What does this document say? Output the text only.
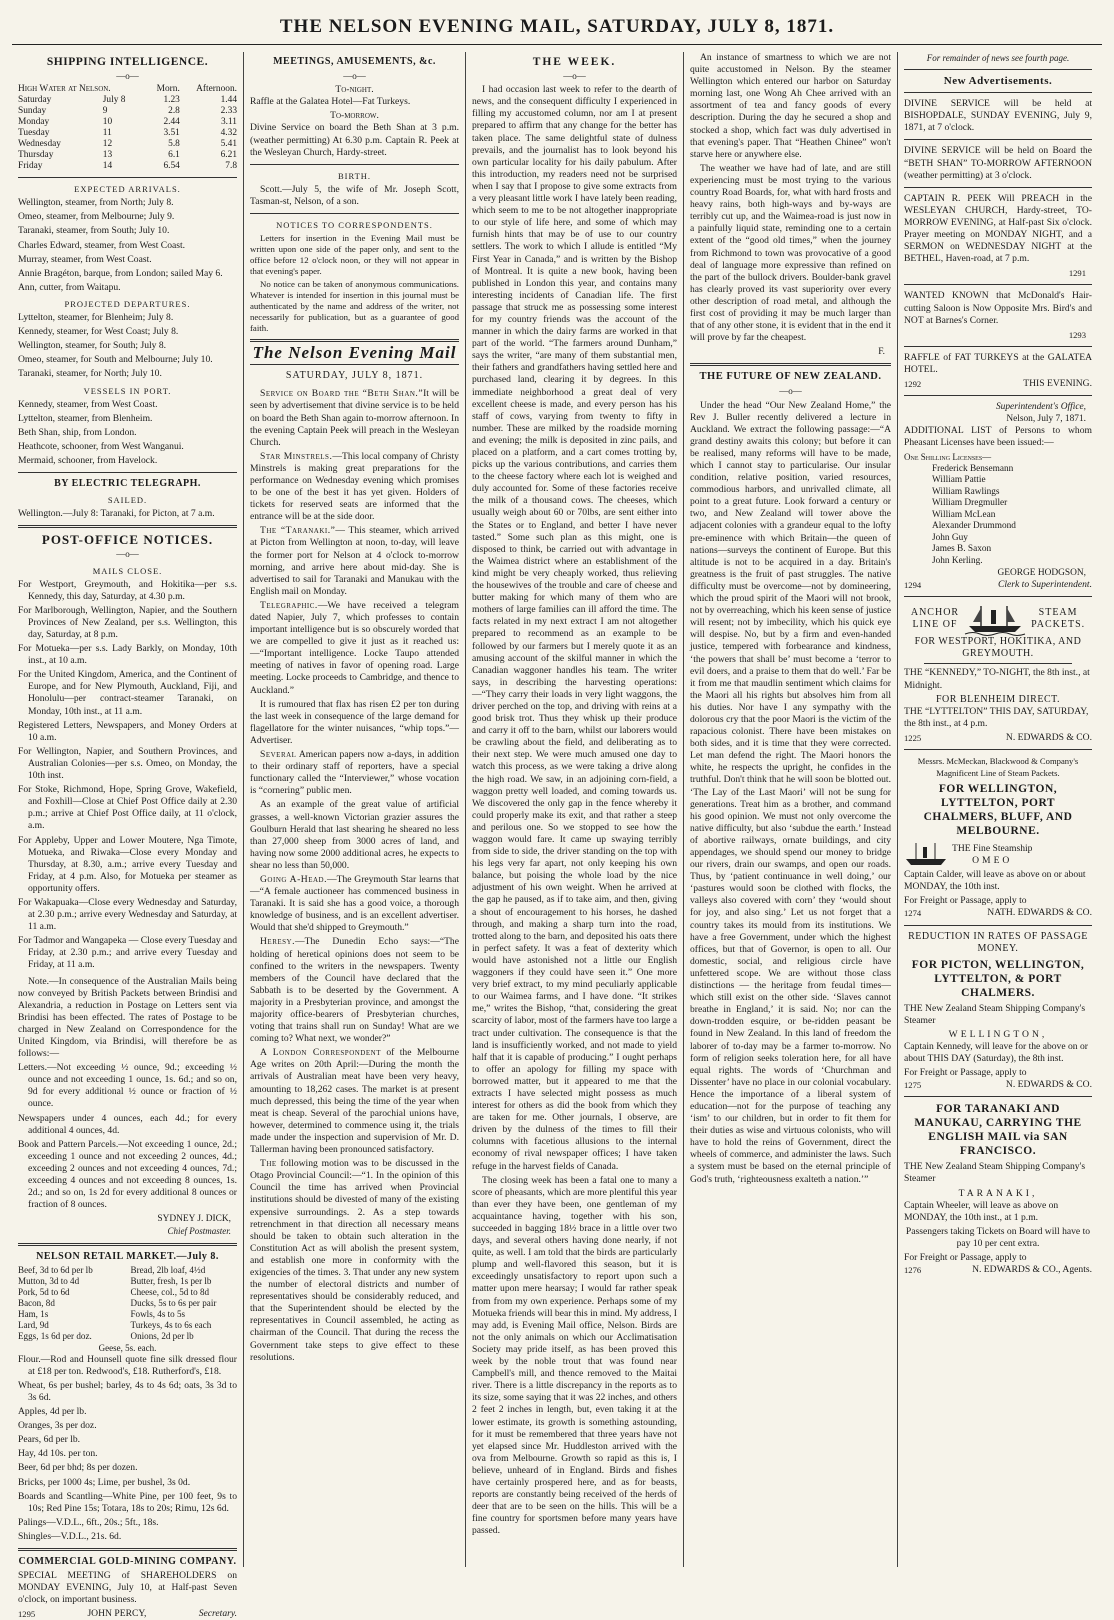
THE NELSON EVENING MAIL, SATURDAY, JULY 8, 1871.
SHIPPING INTELLIGENCE.
―o―
High Water at Nelson.		Morn.	Afternoon.
Saturday	July 8	1.23	1.44
Sunday	9	2.8	2.33
Monday	10	2.44	3.11
Tuesday	11	3.51	4.32
Wednesday	12	5.8	5.41
Thursday	13	6.1	6.21
Friday	14	6.54	7.8
EXPECTED ARRIVALS.
Wellington, steamer, from North; July 8.
Omeo, steamer, from Melbourne; July 9.
Taranaki, steamer, from South; July 10.
Charles Edward, steamer, from West Coast.
Murray, steamer, from West Coast.
Annie Bragéton, barque, from London; sailed May 6.
Ann, cutter, from Waitapu.
PROJECTED DEPARTURES.
Lyttelton, steamer, for Blenheim; July 8.
Kennedy, steamer, for West Coast; July 8.
Wellington, steamer, for South; July 8.
Omeo, steamer, for South and Melbourne; July 10.
Taranaki, steamer, for North; July 10.
VESSELS IN PORT.
Kennedy, steamer, from West Coast.
Lyttelton, steamer, from Blenheim.
Beth Shan, ship, from London.
Heathcote, schooner, from West Wanganui.
Mermaid, schooner, from Havelock.
BY ELECTRIC TELEGRAPH.
SAILED.

Wellington.—July 8: Taranaki, for Picton, at 7 a.m.

POST-OFFICE NOTICES.
―o―
MAILS CLOSE.
For Westport, Greymouth, and Hokitika—per s.s. Kennedy, this day, Saturday, at 4.30 p.m.
For Marlborough, Wellington, Napier, and the Southern Provinces of New Zealand, per s.s. Wellington, this day, Saturday, at 8 p.m.
For Motueka—per s.s. Lady Barkly, on Monday, 10th inst., at 10 a.m.
For the United Kingdom, America, and the Continent of Europe, and for New Plymouth, Auckland, Fiji, and Honolulu—per contract-steamer Taranaki, on Monday, 10th inst., at 11 a.m.
Registered Letters, Newspapers, and Money Orders at 10 a.m.
For Wellington, Napier, and Southern Provinces, and Australian Colonies—per s.s. Omeo, on Monday, the 10th inst.
For Stoke, Richmond, Hope, Spring Grove, Wakefield, and Foxhill—Close at Chief Post Office daily at 2.30 p.m.; arrive at Chief Post Office daily, at 11 o'clock, a.m.
For Appleby, Upper and Lower Moutere, Nga Timote, Motueka, and Riwaka—Close every Monday and Thursday, at 8.30, a.m.; arrive every Tuesday and Friday, at 4 p.m. Also, for Motueka per steamer as opportunity offers.
For Wakapuaka—Close every Wednesday and Saturday, at 2.30 p.m.; arrive every Wednesday and Saturday, at 11 a.m.
For Tadmor and Wangapeka — Close every Tuesday and Friday, at 2.30 p.m.; and arrive every Tuesday and Friday, at 11 a.m.

Note.—In consequence of the Australian Mails being now conveyed by British Packets between Brindisi and Alexandria, a reduction in Postage on Letters sent via Brindisi has been effected. The rates of Postage to be charged in New Zealand on Correspondence for the United Kingdom, via Brindisi, will therefore be as follows:—

Letters.—Not exceeding ½ ounce, 9d.; exceeding ½ ounce and not exceeding 1 ounce, 1s. 6d.; and so on, 9d for every additional ½ ounce or fraction of ½ ounce.
Newspapers under 4 ounces, each 4d.; for every additional 4 ounces, 4d.
Book and Pattern Parcels.—Not exceeding 1 ounce, 2d.; exceeding 1 ounce and not exceeding 2 ounces, 4d.; exceeding 2 ounces and not exceeding 4 ounces, 7d.; exceeding 4 ounces and not exceeding 8 ounces, 1s. 2d.; and so on, 1s 2d for every additional 8 ounces or fraction of 8 ounces.
SYDNEY J. DICK,
Chief Postmaster.
NELSON RETAIL MARKET.—July 8.
Beef, 3d to 6d per lb
Mutton, 3d to 4d
Pork, 5d to 6d
Bacon, 8d
Ham, 1s
Lard, 9d
Eggs, 1s 6d per doz.
Bread, 2lb loaf, 4½d
Butter, fresh, 1s per lb
Cheese, col., 5d to 8d
Ducks, 5s to 6s per pair
Fowls, 4s to 5s
Turkeys, 4s to 6s each
Onions, 2d per lb
Geese, 5s. each.
Flour.—Rod and Hounsell quote fine silk dressed flour at £18 per ton. Redwood's, £18. Rutherford's, £18.
Wheat, 6s per bushel; barley, 4s to 4s 6d; oats, 3s 3d to 3s 6d.
Apples, 4d per lb.
Oranges, 3s per doz.
Pears, 6d per lb.
Hay, 4d 10s. per ton.
Beer, 6d per bhd; 8s per dozen.
Bricks, per 1000 4s; Lime, per bushel, 3s 0d.
Boards and Scantling—White Pine, per 100 feet, 9s to 10s; Red Pine 15s; Totara, 18s to 20s; Rimu, 12s 6d.
Palings—V.D.L., 6ft., 20s.; 5ft., 18s.
Shingles—V.D.L., 21s. 6d.
COMMERCIAL GOLD-MINING COMPANY.

SPECIAL MEETING of SHAREHOLDERS on MONDAY EVENING, July 10, at Half-past Seven o'clock, on important business.

1295	JOHN PERCY,	Secretary.
MEETINGS, AMUSEMENTS, &c.
―o―
To-night.

Raffle at the Galatea Hotel—Fat Turkeys.

To-morrow.

Divine Service on board the Beth Shan at 3 p.m. (weather permitting) At 6.30 p.m. Captain R. Peek at the Wesleyan Church, Hardy-street.

BIRTH.

Scott.—July 5, the wife of Mr. Joseph Scott, Tasman-st, Nelson, of a son.

NOTICES TO CORRESPONDENTS.

Letters for insertion in the Evening Mail must be written upon one side of the paper only, and sent to the office before 12 o'clock noon, or they will not appear in that evening's paper.

No notice can be taken of anonymous communications. Whatever is intended for insertion in this journal must be authenticated by the name and address of the writer, not necessarily for publication, but as a guarantee of good faith.

The Nelson Evening Mail
SATURDAY, JULY 8, 1871.

Service on Board the “Beth Shan.”It will be seen by advertisement that divine service is to be held on board the Beth Shan again to-morrow afternoon. In the evening Captain Peek will preach in the Wesleyan Church.

Star Minstrels.—This local company of Christy Minstrels is making great preparations for the performance on Wednesday evening which promises to be one of the best it has yet given. Holders of tickets for reserved seats are informed that the entrance will be at the side door.

The “Taranaki.”— This steamer, which arrived at Picton from Wellington at noon, to-day, will leave the former port for Nelson at 4 o'clock to-morrow morning, and arrive here about mid-day. She is advertised to sail for Taranaki and Manukau with the English mail on Monday.

Telegraphic.—We have received a telegram dated Napier, July 7, which professes to contain important intelligence but is so obscurely worded that we are compelled to give it just as it reached us:—“Important intelligence. Locke Taupo attended meeting of natives in favor of opening road. Large meeting. Locke proceeds to Cambridge, and thence to Auckland.”

It is rumoured that flax has risen £2 per ton during the last week in consequence of the large demand for flagellatore for the winter nuisances, “whip tops.”—Advertiser.

Several American papers now a-days, in addition to their ordinary staff of reporters, have a special functionary called the “Interviewer,” whose vocation is “cornering” public men.

As an example of the great value of artificial grasses, a well-known Victorian grazier assures the Goulburn Herald that last shearing he sheared no less than 27,000 sheep from 3000 acres of land, and having now some 2000 additional acres, he expects to shear no less than 50,000.

Going A-Head.—The Greymouth Star learns that—“A female auctioneer has commenced business in Taranaki. It is said she has a good voice, a thorough knowledge of business, and is an excellent advertiser. Would that she'd shipped to Greymouth.”

Heresy.—The Dunedin Echo says:—“The holding of heretical opinions does not seem to be confined to the writers in the newspapers. Twenty members of the Council have declared that the Sabbath is to be deserted by the Government. A majority in a Presbyterian province, and amongst the majority office-bearers of Presbyterian churches, voting that trains shall run on Sunday! What are we coming to? What next, we wonder?”

A London Correspondent of the Melbourne Age writes on 20th April:—During the month the arrivals of Australian meat have been very heavy, amounting to 18,262 cases. The market is at present much depressed, this being the time of the year when meat is cheap. Several of the parochial unions have, however, determined to commence using it, the trials made under the inspection and supervision of Mr. D. Tallerman having been pronounced satisfactory.

The following motion was to be discussed in the Otago Provincial Council:—“1. In the opinion of this Council the time has arrived when Provincial institutions should be divested of many of the existing expensive surroundings. 2. As a step towards retrenchment in that direction all necessary means should be taken to obtain such alteration in the Constitution Act as will abolish the present system, and establish one more in conformity with the exigencies of the times. 3. That under any new system the number of electoral districts and number of representatives should be considerably reduced, and that the Superintendent should be elected by the representatives in Council assembled, he acting as chairman of the Council. That during the recess the Government take steps to give effect to these resolutions.

THE WEEK.
―o―

I had occasion last week to refer to the dearth of news, and the consequent difficulty I experienced in filling my accustomed column, nor am I at present prepared to affirm that any change for the better has taken place. The same delightful state of dulness prevails, and the journalist has to look beyond his own particular locality for his daily pabulum. After this introduction, my readers need not be surprised when I say that I propose to give some extracts from a very pleasant little work I have lately been reading, which seem to me to be not altogether inappropriate to our style of life here, and some of which may furnish hints that may be of use to our country settlers. The work to which I allude is entitled “My First Year in Canada,” and is written by the Bishop of Montreal. It is quite a new book, having been published in London this year, and contains many interesting incidents of Canadian life. The first passage that struck me as possessing some interest for my country friends was the account of the manner in which the dairy farms are worked in that part of the world. “The farmers around Dunham,” says the writer, “are many of them substantial men, their fathers and grandfathers having settled here and purchased land, clearing it by degrees. In this immediate neighborhood a great deal of very excellent cheese is made, and every person has his staff of cows, varying from twenty to fifty in number. These are milked by the roadside morning and evening; the milk is deposited in zinc pails, and placed on a platform, and a cart comes trotting by, picks up the various contributions, and carries them to the cheese factory where each lot is weighed and duly accounted for. Some of these factories receive the milk of a thousand cows. The cheeses, which usually weigh about 60 or 70lbs, are sent either into the States or to England, and better I have never tasted.” Some such plan as this might, one is disposed to think, be carried out with advantage in the Waimea district where an establishment of the kind might be very cheaply worked, thus relieving the housewives of the trouble and care of cheese and butter making for which many of them who are mothers of large families can ill afford the time. The facts related in my next extract I am not altogether prepared to recommend as an example to be followed by our farmers but I merely quote it as an amusing account of the skilful manner in which the Canadian waggoner handles his team. The writer says, in describing the harvesting operations:—“They carry their loads in very light waggons, the driver perched on the top, and driving with reins at a good brisk trot. Thus they whisk up their produce and carry it off to the barn, whilst our laborers would be crawling about the field, and deliberating as to their next step. We were much amused one day to watch this process, as we were taking a drive along the high road. We saw, in an adjoining corn-field, a waggon pretty well loaded, and coming towards us. We discovered the only gap in the fence whereby it could properly make its exit, and that rather a steep and perilous one. So we stopped to see how the waggon would fare. It came up swaying terribly from side to side, the driver standing on the top with his legs very far apart, not only keeping his own balance, but poising the whole load by the nice adjustment of his own weight. When he arrived at the gap he paused, as if to take aim, and then, giving a shout of encouragement to his horses, he dashed through, and making a sharp turn into the road, trotted along to the barn, and deposited his oats there in perfect safety. It was a feat of dexterity which would have astonished not a little our English waggoners if they could have seen it.” One more very brief extract, to my mind peculiarly applicable to our Waimea farms, and I have done. “It strikes me,” writes the Bishop, “that, considering the great scarcity of labor, most of the farmers have too large a tract under cultivation. The consequence is that the land is insufficiently worked, and not made to yield half that it is capable of producing.” I ought perhaps to offer an apology for filling my space with borrowed matter, but it appeared to me that the extracts I have selected might possess as much interest for others as did the book from which they are taken for me. Other journals, I observe, are driven by the dulness of the times to fill their columns with facetious allusions to the internal economy of rival newspaper offices; I have taken refuge in the harvest fields of Canada.

The closing week has been a fatal one to many a score of pheasants, which are more plentiful this year than ever they have been, one gentleman of my acquaintance having, together with his son, succeeded in bagging 18½ brace in a little over two days, and several others having done nearly, if not quite, as well. I am told that the birds are particularly plump and well-flavored this season, but it is exceedingly unsatisfactory to report upon such a matter upon mere hearsay; I would far rather speak from from my own experience. Perhaps some of my Motueka friends will bear this in mind. My address, I may add, is Evening Mail office, Nelson. Birds are not the only animals on which our Acclimatisation Society may pride itself, as has been proved this week by the noble trout that was found near Campbell's mill, and thence removed to the Maitai river. There is a little discrepancy in the reports as to its size, some saying that it was 22 inches, and others 2 feet 2 inches in length, but, even taking it at the lower estimate, its growth is something astounding, for it must be remembered that three years have not yet elapsed since Mr. Huddleston arrived with the ova from Melbourne. Growth so rapid as this is, I believe, unheard of in England. Birds and fishes have certainly prospered here, and as for beasts, reports are constantly being received of the herds of deer that are to be seen on the hills. This will be a fine country for sportsmen before many years have passed.

An instance of smartness to which we are not quite accustomed in Nelson. By the steamer Wellington which entered our harbor on Saturday morning last, one Wong Ah Chee arrived with an assortment of tea and fancy goods of every description. During the day he secured a shop and stocked a shop, which fact was duly advertised in that evening's paper. That “Heathen Chinee” won't starve here or anywhere else.

The weather we have had of late, and are still experiencing must be most trying to the various country Road Boards, for, what with hard frosts and heavy rains, both high-ways and by-ways are terribly cut up, and the Waimea-road is just now in a painfully liquid state, reminding one to a certain extent of the “good old times,” when the journey from Richmond to town was provocative of a good deal of language more expressive than refined on the part of the bullock drivers. Boulder-bank gravel has clearly proved its vast superiority over every other description of road metal, and although the first cost of providing it may be much larger than that of any other stone, it is evident that in the end it will prove by far the cheapest.

F.
THE FUTURE OF NEW ZEALAND.
―o―

Under the head “Our New Zealand Home,” the Rev J. Buller recently delivered a lecture in Auckland. We extract the following passage:—“A grand destiny awaits this colony; but before it can be realised, many reforms will have to be made, which I cannot stay to particularise. Our insular condition, relative position, varied resources, commodious harbors, and unrivalled climate, all point to a great future. Look forward a century or two, and New Zealand will tower above the adjacent colonies with a grandeur equal to the lofty pre-eminence with which Britain—the queen of nations—surveys the continent of Europe. But this altitude is not to be acquired in a day. Britain's greatness is the fruit of past struggles. The native difficulty must be overcome—not by domineering, which the proud spirit of the Maori will not brook, not by overreaching, which his keen sense of justice will resent; not by imbecility, which his quick eye will despise. No, but by a firm and even-handed justice, tempered with forbearance and kindness, ‘the powers that shall be’ must become a ‘terror to evil doers, and a praise to them that do well.’ Far be it from me that maudlin sentiment which claims for the Maori all his rights but absolves him from all his duties. Nor have I any sympathy with the dolorous cry that the poor Maori is the victim of the rapacious colonist. There have been mistakes on both sides, and it is time that they were corrected. Let man defend the right. The Maori honors the white, he respects the upright, he confides in the truthful. Don't think that he will soon be blotted out. ‘The Lay of the Last Maori’ will not be sung for generations. Treat him as a brother, and command his good opinion. We must not only overcome the native difficulty, but also ‘subdue the earth.’ Instead of abortive railways, ornate buildings, and city appendages, we should spend our money to bridge our rivers, drain our swamps, and open our roads. Thus, by ‘patient continuance in well doing,’ our ‘pastures would soon be clothed with flocks, the valleys also covered with corn’ they ‘would shout for joy, and also sing.’ Let us not forget that a country takes its mould from its institutions. We have a free Government, under which the highest offices, but that of Governor, is open to all. Our domestic, social, and religious circle have unfettered scope. We are without those class distinctions — the heritage from feudal times—which still exist on the other side. ‘Slaves cannot breathe in England,’ it is said. No; nor can the down-trodden esquire, or be-ridden peasant be found in New Zealand. In this land of freedom the laborer of to-day may be a farmer to-morrow. No form of religion seeks toleration here, for all have equal rights. The words of ‘Churchman and Dissenter’ have no place in our colonial vocabulary. Hence the importance of a liberal system of education—not for the purpose of teaching any ‘ism’ to our children, but in order to fit them for their duties as wise and virtuous colonists, who will have to hold the reins of Government, direct the wheels of commerce, and administer the laws. Such a system must be based on the eternal principle of God's truth, ‘righteousness exalteth a nation.’”

For remainder of news see fourth page.
New Advertisements.

DIVINE SERVICE will be held at BISHOPDALE, SUNDAY EVENING, July 9, 1871, at 7 o'clock.

DIVINE SERVICE will be held on Board the “BETH SHAN” TO-MORROW AFTERNOON (weather permitting) at 3 o'clock.

CAPTAIN R. PEEK Will PREACH in the WESLEYAN CHURCH, Hardy-street, TO-MORROW EVENING, at Half-past Six o'clock. Prayer meeting on MONDAY NIGHT, and a SERMON on WEDNESDAY NIGHT at the BETHEL, Haven-road, at 7 p.m.

1291

WANTED KNOWN that McDonald's Hair-cutting Saloon is Now Opposite Mrs. Bird's and NOT at Barnes's Corner.

1293

RAFFLE of FAT TURKEYS at the GALATEA HOTEL.

1292	THIS EVENING.
Superintendent's Office,
Nelson, July 7, 1871.

ADDITIONAL LIST of Persons to whom Pheasant Licenses have been issued:—

One Shilling Licenses—
Frederick Bensemann
William Pattie
William Rawlings
William Dregmuller
William McLean
Alexander Drummond
John Guy
James B. Saxon
John Kerling.
GEORGE HODGSON,
1294	Clerk to Superintendent.
ANCHOR
LINE OF
STEAM
PACKETS.
FOR WESTPORT, HOKITIKA, AND GREYMOUTH.

THE “KENNEDY,” TO-NIGHT, the 8th inst., at Midnight.

FOR BLENHEIM DIRECT.

THE “LYTTELTON” THIS DAY, SATURDAY, the 8th inst., at 4 p.m.

1225	N. EDWARDS & CO.
Messrs. McMeckan, Blackwood & Company's Magnificent Line of Steam Packets.
FOR WELLINGTON, LYTTELTON, PORT CHALMERS, BLUFF, AND MELBOURNE.
THE Fine Steamship
OMEO

Captain Calder, will leave as above on or about MONDAY, the 10th inst.

For Freight or Passage, apply to
1274	NATH. EDWARDS & CO.
REDUCTION IN RATES OF PASSAGE MONEY.
FOR PICTON, WELLINGTON, LYTTELTON, & PORT CHALMERS.

THE New Zealand Steam Shipping Company's Steamer

WELLINGTON,

Captain Kennedy, will leave for the above on or about THIS DAY (Saturday), the 8th inst.

For Freight or Passage, apply to
1275	N. EDWARDS & CO.
FOR TARANAKI AND MANUKAU, CARRYING THE ENGLISH MAIL via SAN FRANCISCO.

THE New Zealand Steam Shipping Company's Steamer

TARANAKI,

Captain Wheeler, will leave as above on MONDAY, the 10th inst., at 1 p.m.

Passengers taking Tickets on Board will have to pay 10 per cent extra.

For Freight or Passage, apply to
1276	N. EDWARDS & CO., Agents.
